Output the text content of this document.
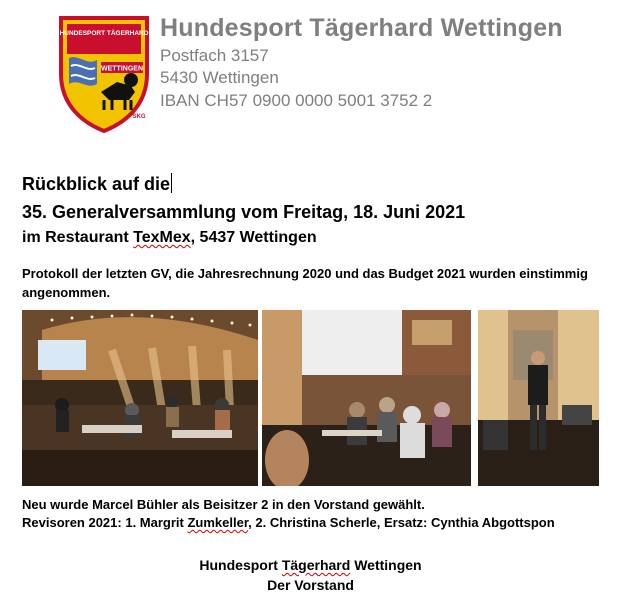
HUNDESPORT TÄGERHARD
WETTINGEN
SKG
Hundesport Tägerhard Wettingen
Postfach 3157
5430 Wettingen
IBAN CH57 0900 0000 5001 3752 2
Rückblick auf die
35. Generalversammlung vom Freitag, 18. Juni 2021
im Restaurant TexMex, 5437 Wettingen
Protokoll der letzten GV, die Jahresrechnung 2020 und das Budget 2021 wurden einstimmig angenommen.
Neu wurde Marcel Bühler als Beisitzer 2 in den Vorstand gewählt.
Revisoren 2021: 1. Margrit Zumkeller, 2. Christina Scherle, Ersatz: Cynthia Abgottspon
Hundesport Tägerhard Wettingen
Der Vorstand
